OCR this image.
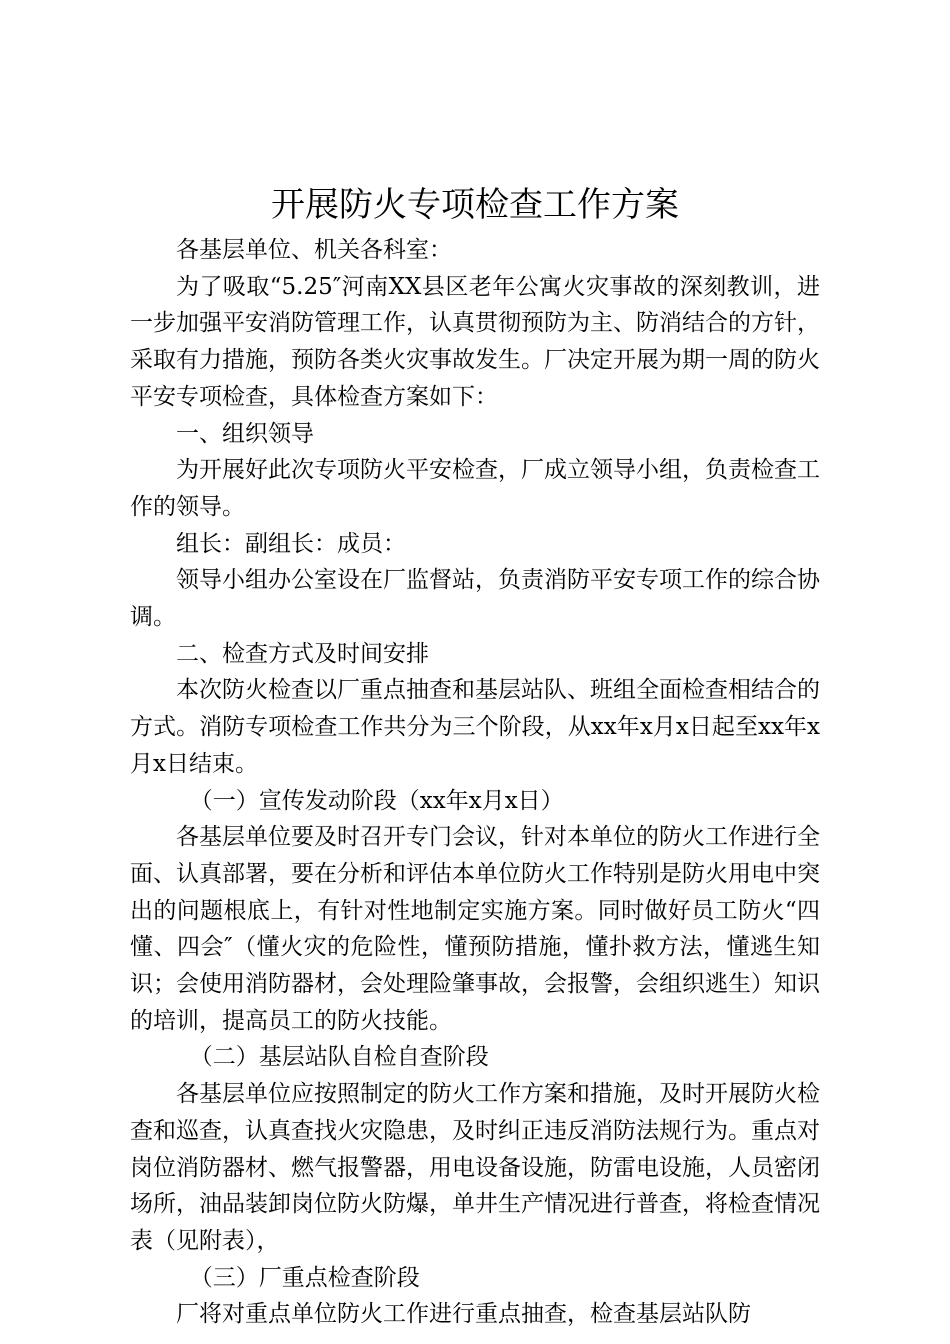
开展防火专项检查工作方案

各基层单位、机关各科室：

为了吸取“5.25″河南XX县区老年公寓火灾事故的深刻教训，进一步加强平安消防管理工作，认真贯彻预防为主、防消结合的方针，采取有力措施，预防各类火灾事故发生。厂决定开展为期一周的防火平安专项检查，具体检查方案如下：

一、组织领导

为开展好此次专项防火平安检查，厂成立领导小组，负责检查工作的领导。

组长：副组长：成员：

领导小组办公室设在厂监督站，负责消防平安专项工作的综合协调。

二、检查方式及时间安排

本次防火检查以厂重点抽查和基层站队、班组全面检查相结合的方式。消防专项检查工作共分为三个阶段，从xx年x月x日起至xx年x月x日结束。

（一）宣传发动阶段（xx年x月x日）

各基层单位要及时召开专门会议，针对本单位的防火工作进行全面、认真部署，要在分析和评估本单位防火工作特别是防火用电中突出的问题根底上，有针对性地制定实施方案。同时做好员工防火“四懂、四会″（懂火灾的危险性，懂预防措施，懂扑救方法，懂逃生知识；会使用消防器材，会处理险肇事故，会报警，会组织逃生）知识的培训，提高员工的防火技能。

（二）基层站队自检自查阶段

各基层单位应按照制定的防火工作方案和措施，及时开展防火检查和巡查，认真查找火灾隐患，及时纠正违反消防法规行为。重点对岗位消防器材、燃气报警器，用电设备设施，防雷电设施，人员密闭场所，油品装卸岗位防火防爆，单井生产情况进行普查，将检查情况表（见附表），

（三）厂重点检查阶段

厂将对重点单位防火工作进行重点抽查，检查基层站队防
